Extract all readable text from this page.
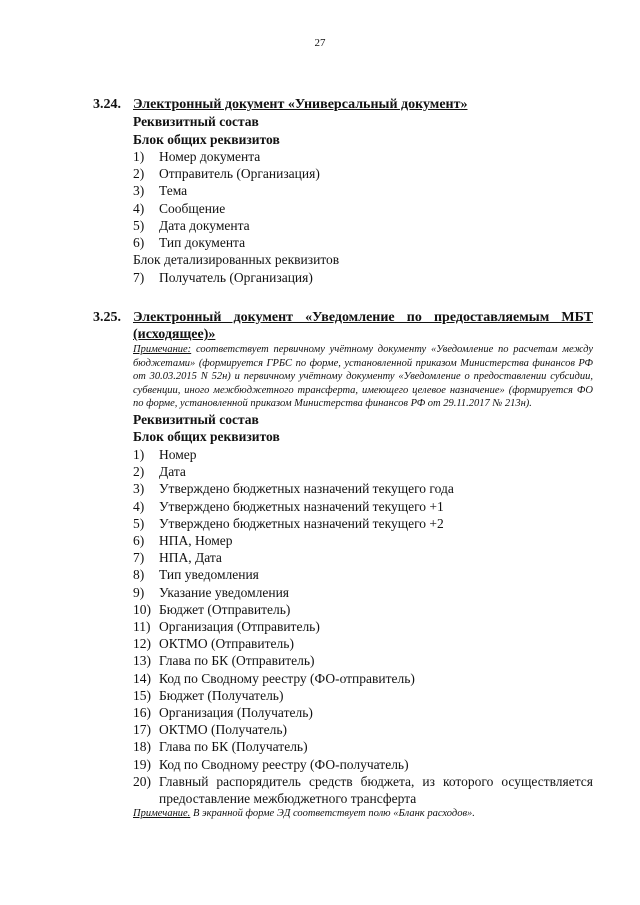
27
3.24. Электронный документ «Универсальный документ»
Реквизитный состав
Блок общих реквизитов
1)	Номер документа
2)	Отправитель (Организация)
3)	Тема
4)	Сообщение
5)	Дата документа
6)	Тип документа
Блок детализированных реквизитов
7)	Получатель (Организация)
3.25. Электронный документ «Уведомление по предоставляемым МБТ (исходящее)»
Примечание: соответствует первичному учётному документу «Уведомление по расчетам между бюджетами» (формируется ГРБС по форме, установленной приказом Министерства финансов РФ от 30.03.2015 N 52н) и первичному учётному документу «Уведомление о предоставлении субсидии, субвенции, иного межбюджетного трансферта, имеющего целевое назначение» (формируется ФО по форме, установленной приказом Министерства финансов РФ от 29.11.2017 № 213н).
Реквизитный состав
Блок общих реквизитов
1)	Номер
2)	Дата
3)	Утверждено бюджетных назначений текущего года
4)	Утверждено бюджетных назначений текущего +1
5)	Утверждено бюджетных назначений текущего +2
6)	НПА, Номер
7)	НПА, Дата
8)	Тип уведомления
9)	Указание уведомления
10) Бюджет (Отправитель)
11) Организация (Отправитель)
12) ОКТМО (Отправитель)
13) Глава по БК (Отправитель)
14) Код по Сводному реестру (ФО-отправитель)
15) Бюджет (Получатель)
16) Организация (Получатель)
17) ОКТМО (Получатель)
18) Глава по БК (Получатель)
19) Код по Сводному реестру (ФО-получатель)
20) Главный распорядитель средств бюджета, из которого осуществляется предоставление межбюджетного трансферта
Примечание. В экранной форме ЭД соответствует полю «Бланк расходов».
